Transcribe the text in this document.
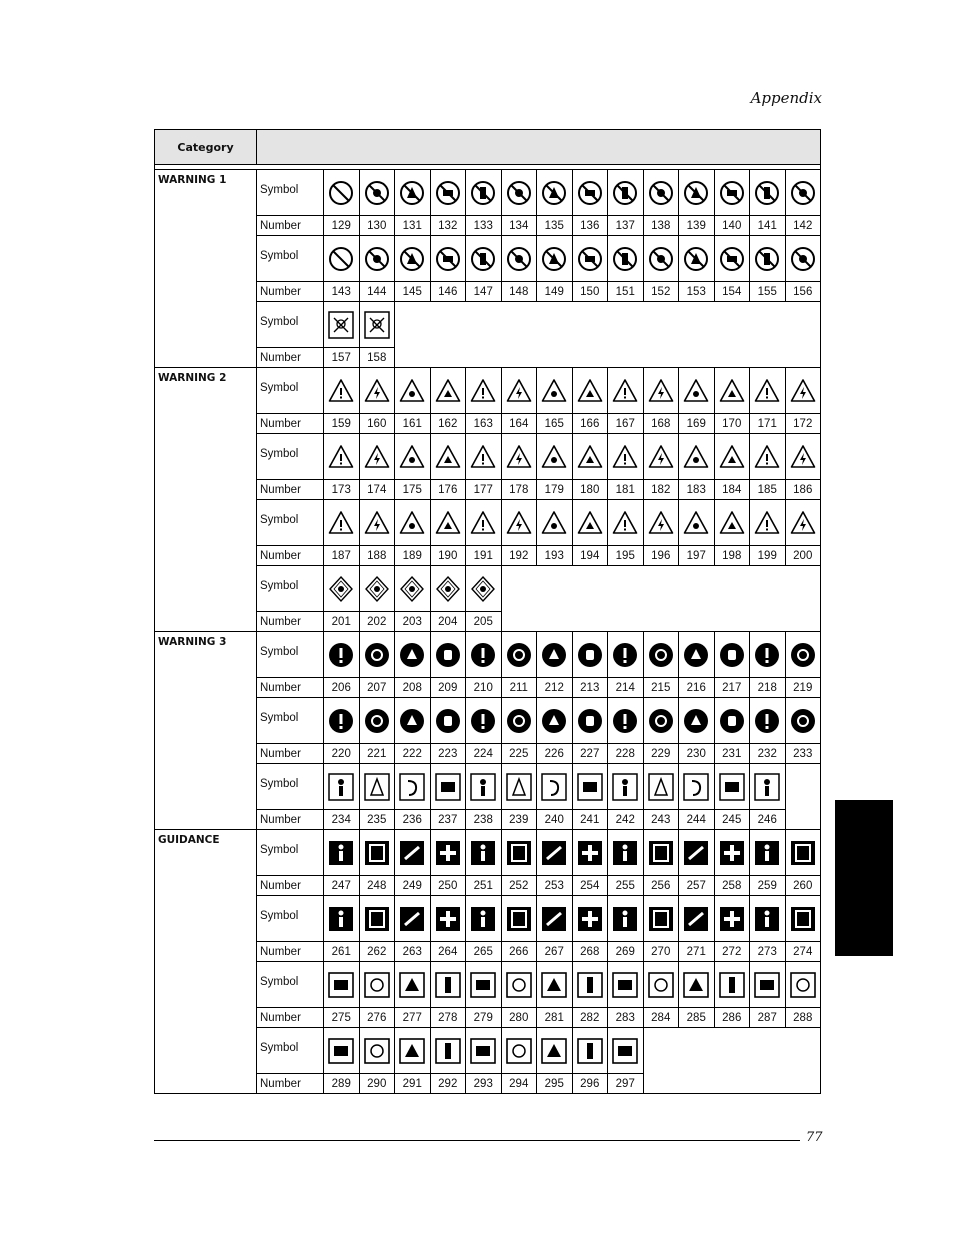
Appendix
Category															

WARNING 1	Symbol	

	Number	129	130	131	132	133	134	135	136	137	138	139	140	141	142
	Symbol	

	Number	143	144	145	146	147	148	149	150	151	152	153	154	155	156
	Symbol	

	Number	157	158												
WARNING 2	Symbol	

	Number	159	160	161	162	163	164	165	166	167	168	169	170	171	172
	Symbol	

	Number	173	174	175	176	177	178	179	180	181	182	183	184	185	186
	Symbol	

	Number	187	188	189	190	191	192	193	194	195	196	197	198	199	200
	Symbol	

	Number	201	202	203	204	205									
WARNING 3	Symbol	

	Number	206	207	208	209	210	211	212	213	214	215	216	217	218	219
	Symbol	

	Number	220	221	222	223	224	225	226	227	228	229	230	231	232	233
	Symbol	

	Number	234	235	236	237	238	239	240	241	242	243	244	245	246	
GUIDANCE	Symbol	

	Number	247	248	249	250	251	252	253	254	255	256	257	258	259	260
	Symbol	

	Number	261	262	263	264	265	266	267	268	269	270	271	272	273	274
	Symbol	

	Number	275	276	277	278	279	280	281	282	283	284	285	286	287	288
	Symbol	

	Number	289	290	291	292	293	294	295	296	297					
77
